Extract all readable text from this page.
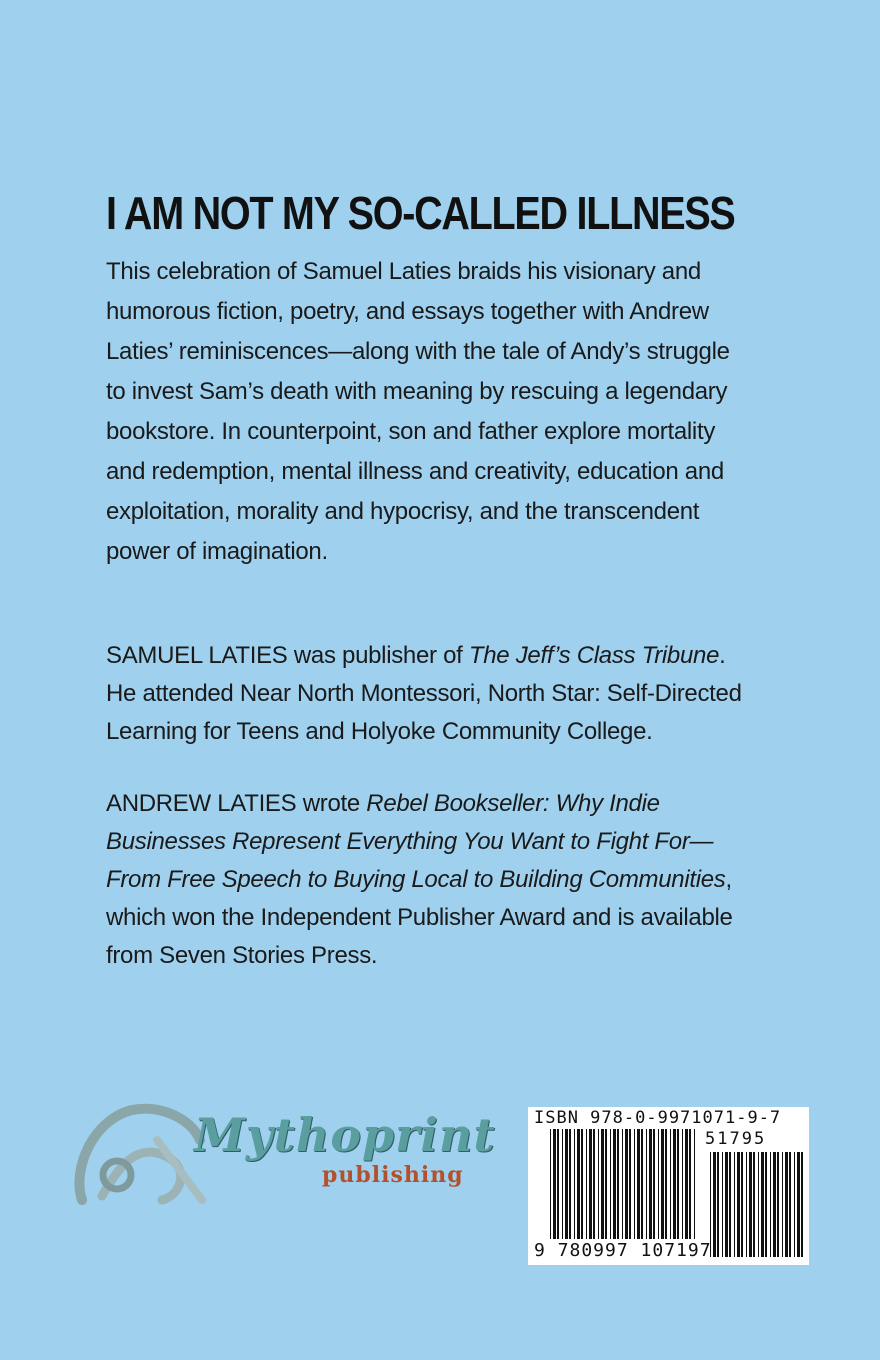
I AM NOT MY SO-CALLED ILLNESS

This celebration of Samuel Laties braids his visionary and humorous fiction, poetry, and essays together with Andrew Laties’ reminiscences—along with the tale of Andy’s struggle to invest Sam’s death with meaning by rescuing a legendary bookstore. In counterpoint, son and father explore mortality and redemption, mental illness and creativity, education and exploitation, morality and hypocrisy, and the transcendent power of imagination.

SAMUEL LATIES was publisher of The Jeff’s Class Tribune. He attended Near North Montessori, North Star: Self-Directed Learning for Teens and Holyoke Community College.
ANDREW LATIES wrote Rebel Bookseller: Why Indie Businesses Represent Everything You Want to Fight For—From Free Speech to Buying Local to Building Communities, which won the Independent Publisher Award and is available from Seven Stories Press.
Mythoprint
publishing
ISBN 978-0-9971071-9-7
51795
9 780997 107197
